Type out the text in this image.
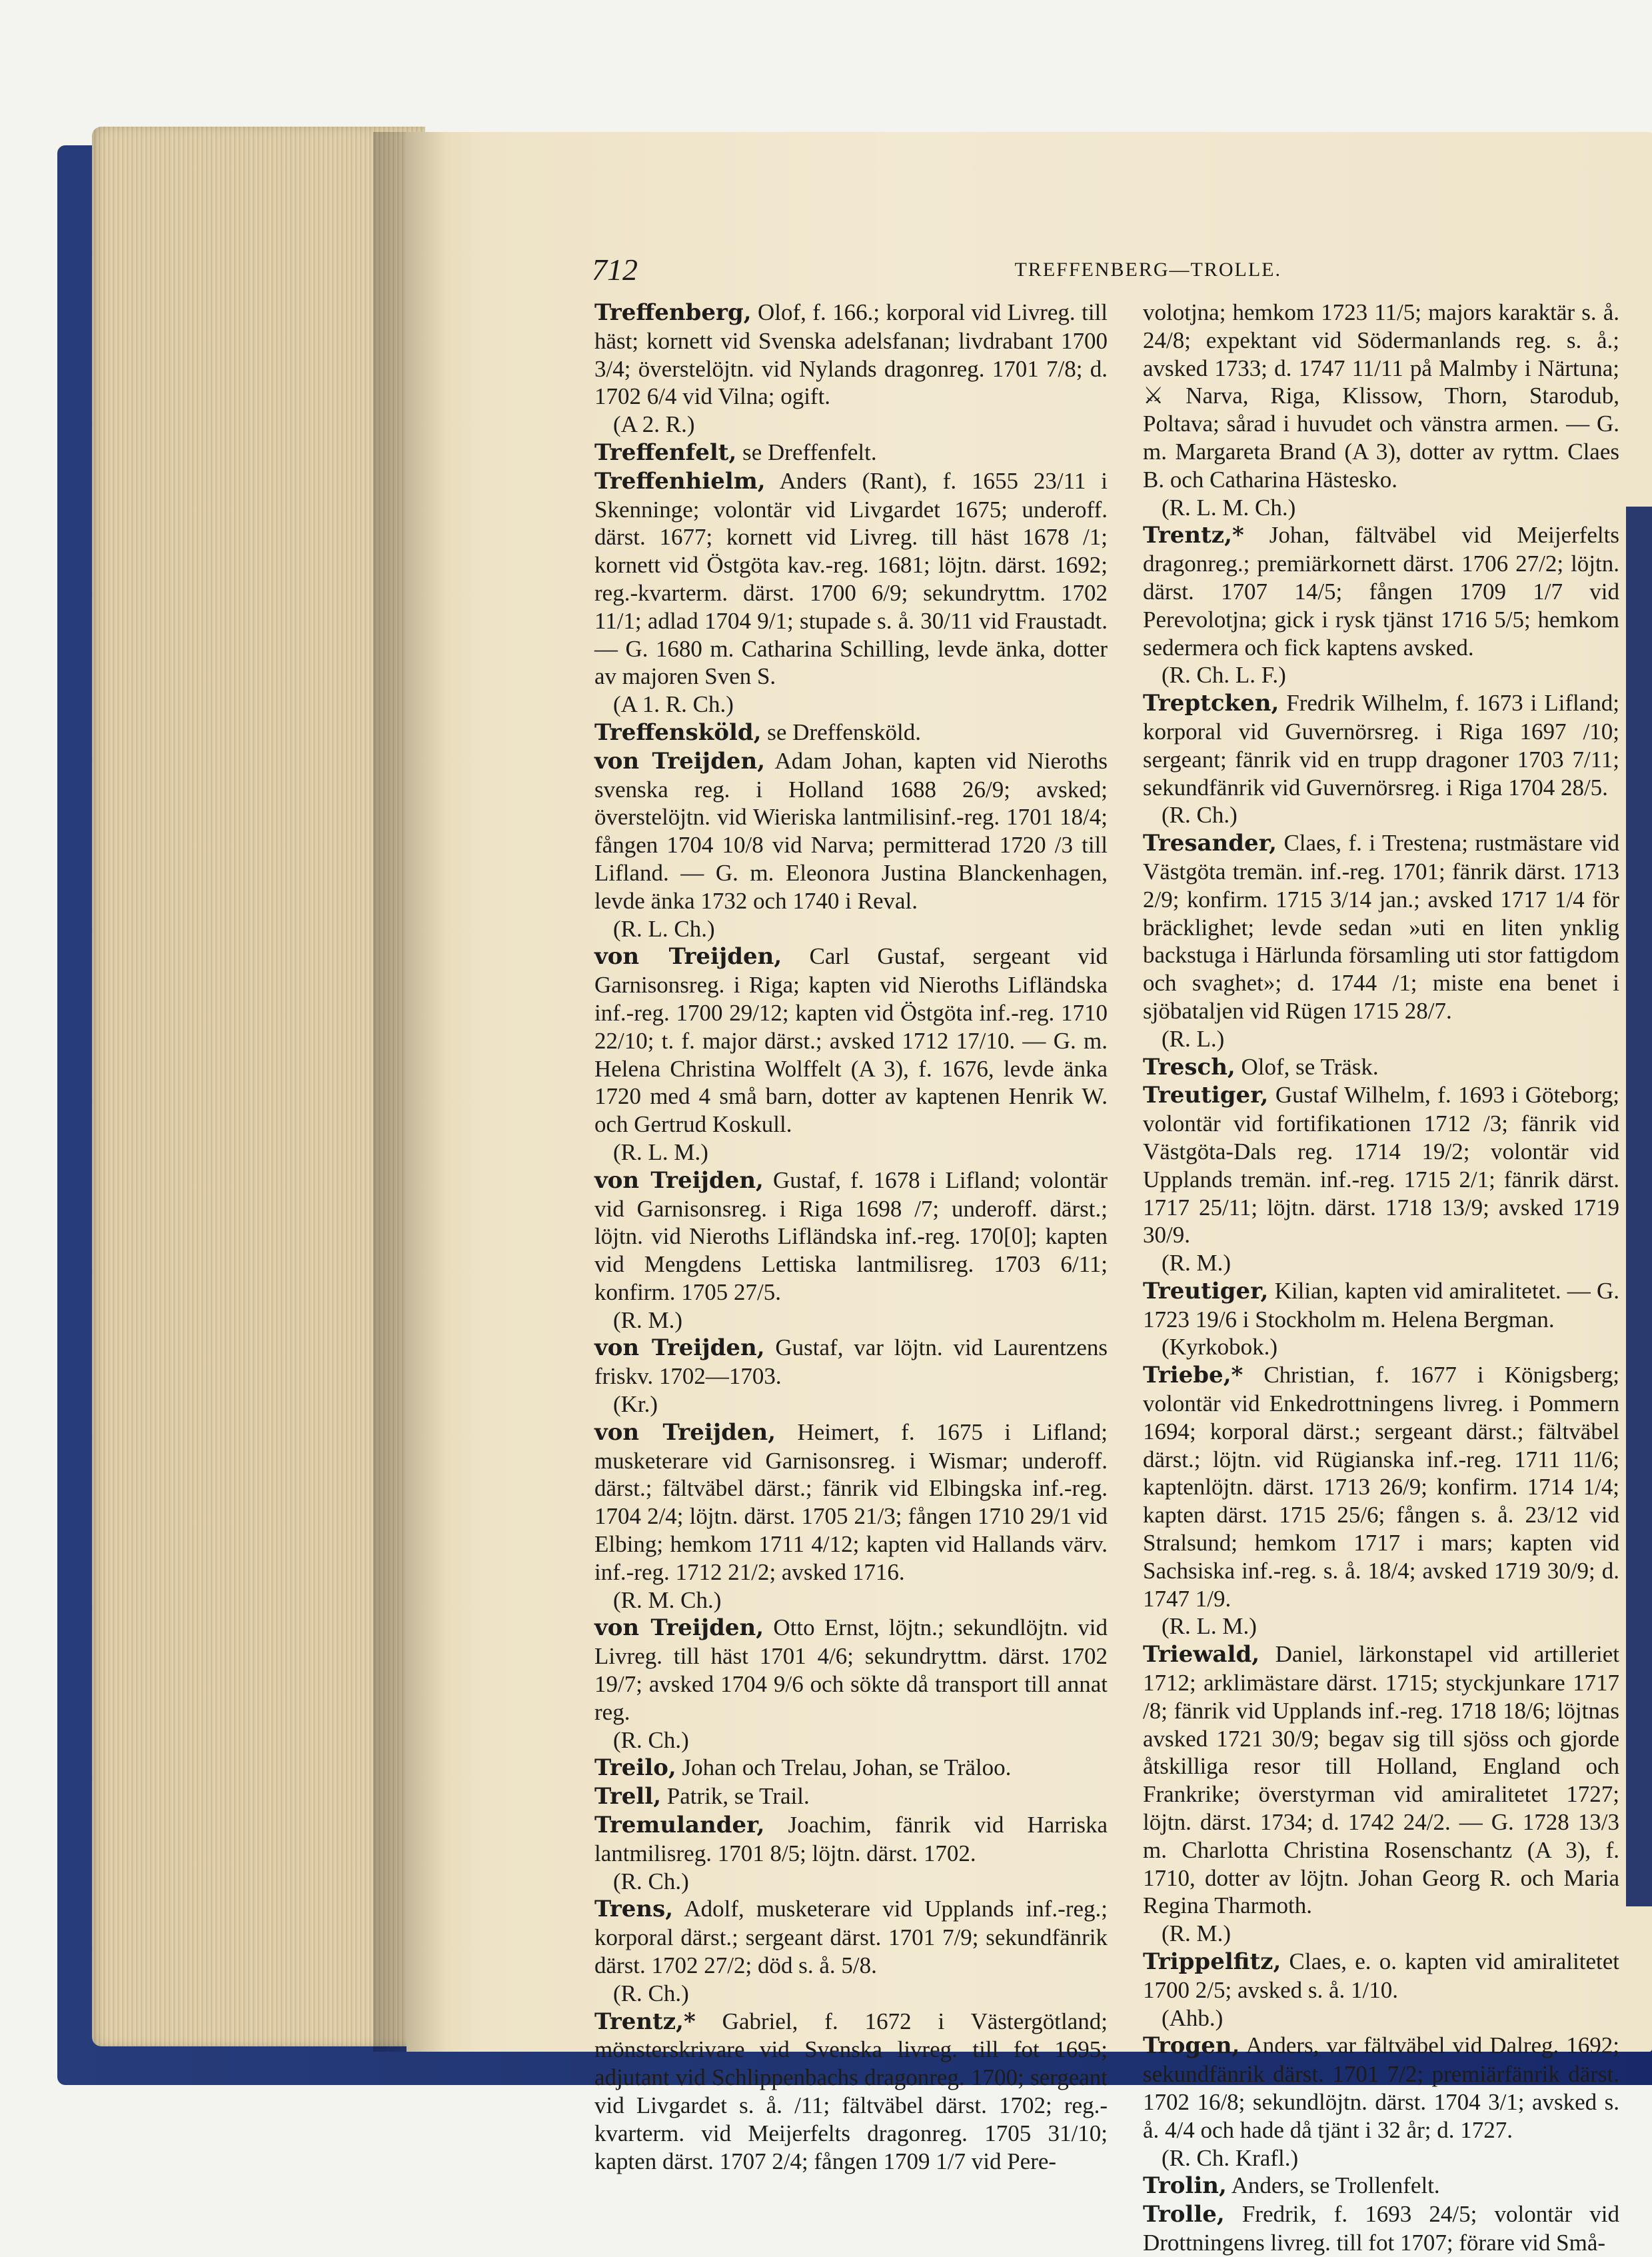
712	TREFFENBERG—TROLLE.

Treffenberg, Olof, f. 166.; korporal vid Livreg. till häst; kornett vid Svenska adelsfanan; livdrabant 1700 3/4; överstelöjtn. vid Nylands dragonreg. 1701 7/8; d. 1702 6/4 vid Vilna; ogift.

(A 2. R.)

Treffenfelt, se Dreffenfelt.

Treffenhielm, Anders (Rant), f. 1655 23/11 i Skenninge; volontär vid Livgardet 1675; underoff. därst. 1677; kornett vid Livreg. till häst 1678 /1; kornett vid Östgöta kav.-reg. 1681; löjtn. därst. 1692; reg.-kvarterm. därst. 1700 6/9; sekundryttm. 1702 11/1; adlad 1704 9/1; stupade s. å. 30/11 vid Fraustadt. — G. 1680 m. Catharina Schilling, levde änka, dotter av majoren Sven S.

(A 1. R. Ch.)

Treffensköld, se Dreffensköld.

von Treijden, Adam Johan, kapten vid Nieroths svenska reg. i Holland 1688 26/9; avsked; överstelöjtn. vid Wieriska lantmilisinf.-reg. 1701 18/4; fången 1704 10/8 vid Narva; permitterad 1720 /3 till Lifland. — G. m. Eleonora Justina Blanckenhagen, levde änka 1732 och 1740 i Reval.

(R. L. Ch.)

von Treijden, Carl Gustaf, sergeant vid Garnisonsreg. i Riga; kapten vid Nieroths Lifländska inf.-reg. 1700 29/12; kapten vid Östgöta inf.-reg. 1710 22/10; t. f. major därst.; avsked 1712 17/10. — G. m. Helena Christina Wolffelt (A 3), f. 1676, levde änka 1720 med 4 små barn, dotter av kaptenen Henrik W. och Gertrud Koskull.

(R. L. M.)

von Treijden, Gustaf, f. 1678 i Lifland; volontär vid Garnisonsreg. i Riga 1698 /7; underoff. därst.; löjtn. vid Nieroths Lifländska inf.-reg. 170[0]; kapten vid Mengdens Lettiska lantmilisreg. 1703 6/11; konfirm. 1705 27/5.

(R. M.)

von Treijden, Gustaf, var löjtn. vid Laurentzens friskv. 1702—1703.

(Kr.)

von Treijden, Heimert, f. 1675 i Lifland; musketerare vid Garnisonsreg. i Wismar; underoff. därst.; fältväbel därst.; fänrik vid Elbingska inf.-reg. 1704 2/4; löjtn. därst. 1705 21/3; fången 1710 29/1 vid Elbing; hemkom 1711 4/12; kapten vid Hallands värv. inf.-reg. 1712 21/2; avsked 1716.

(R. M. Ch.)

von Treijden, Otto Ernst, löjtn.; sekundlöjtn. vid Livreg. till häst 1701 4/6; sekundryttm. därst. 1702 19/7; avsked 1704 9/6 och sökte då transport till annat reg.

(R. Ch.)

Treilo, Johan och Trelau, Johan, se Träloo.

Trell, Patrik, se Trail.

Tremulander, Joachim, fänrik vid Harriska lantmilisreg. 1701 8/5; löjtn. därst. 1702.

(R. Ch.)

Trens, Adolf, musketerare vid Upplands inf.-reg.; korporal därst.; sergeant därst. 1701 7/9; sekundfänrik därst. 1702 27/2; död s. å. 5/8.

(R. Ch.)

Trentz,* Gabriel, f. 1672 i Västergötland; mönsterskrivare vid Svenska livreg. till fot 1695; adjutant vid Schlippenbachs dragonreg. 1700; sergeant vid Livgardet s. å. /11; fältväbel därst. 1702; reg.-kvarterm. vid Meijerfelts dragonreg. 1705 31/10; kapten därst. 1707 2/4; fången 1709 1/7 vid Pere-

volotjna; hemkom 1723 11/5; majors karaktär s. å. 24/8; expektant vid Södermanlands reg. s. å.; avsked 1733; d. 1747 11/11 på Malmby i Närtuna; ⚔ Narva, Riga, Klissow, Thorn, Starodub, Poltava; sårad i huvudet och vänstra armen. — G. m. Margareta Brand (A 3), dotter av ryttm. Claes B. och Catharina Hästesko.

(R. L. M. Ch.)

Trentz,* Johan, fältväbel vid Meijerfelts dragonreg.; premiärkornett därst. 1706 27/2; löjtn. därst. 1707 14/5; fången 1709 1/7 vid Perevolotjna; gick i rysk tjänst 1716 5/5; hemkom sedermera och fick kaptens avsked.

(R. Ch. L. F.)

Treptcken, Fredrik Wilhelm, f. 1673 i Lifland; korporal vid Guvernörsreg. i Riga 1697 /10; sergeant; fänrik vid en trupp dragoner 1703 7/11; sekundfänrik vid Guvernörsreg. i Riga 1704 28/5.

(R. Ch.)

Tresander, Claes, f. i Trestena; rustmästare vid Västgöta tremän. inf.-reg. 1701; fänrik därst. 1713 2/9; konfirm. 1715 3/14 jan.; avsked 1717 1/4 för bräcklighet; levde sedan »uti en liten ynklig backstuga i Härlunda församling uti stor fattigdom och svaghet»; d. 1744 /1; miste ena benet i sjöbataljen vid Rügen 1715 28/7.

(R. L.)

Tresch, Olof, se Träsk.

Treutiger, Gustaf Wilhelm, f. 1693 i Göteborg; volontär vid fortifikationen 1712 /3; fänrik vid Västgöta-Dals reg. 1714 19/2; volontär vid Upplands tremän. inf.-reg. 1715 2/1; fänrik därst. 1717 25/11; löjtn. därst. 1718 13/9; avsked 1719 30/9.

(R. M.)

Treutiger, Kilian, kapten vid amiralitetet. — G. 1723 19/6 i Stockholm m. Helena Bergman.

(Kyrkobok.)

Triebe,* Christian, f. 1677 i Königsberg; volontär vid Enkedrottningens livreg. i Pommern 1694; korporal därst.; sergeant därst.; fältväbel därst.; löjtn. vid Rügianska inf.-reg. 1711 11/6; kaptenlöjtn. därst. 1713 26/9; konfirm. 1714 1/4; kapten därst. 1715 25/6; fången s. å. 23/12 vid Stralsund; hemkom 1717 i mars; kapten vid Sachsiska inf.-reg. s. å. 18/4; avsked 1719 30/9; d. 1747 1/9.

(R. L. M.)

Triewald, Daniel, lärkonstapel vid artilleriet 1712; arklimästare därst. 1715; styckjunkare 1717 /8; fänrik vid Upplands inf.-reg. 1718 18/6; löjtnas avsked 1721 30/9; begav sig till sjöss och gjorde åtskilliga resor till Holland, England och Frankrike; överstyrman vid amiralitetet 1727; löjtn. därst. 1734; d. 1742 24/2. — G. 1728 13/3 m. Charlotta Christina Rosenschantz (A 3), f. 1710, dotter av löjtn. Johan Georg R. och Maria Regina Tharmoth.

(R. M.)

Trippelfitz, Claes, e. o. kapten vid amiralitetet 1700 2/5; avsked s. å. 1/10.

(Ahb.)

Trogen, Anders, var fältväbel vid Dalreg. 1692; sekundfänrik därst. 1701 7/2; premiärfänrik därst. 1702 16/8; sekundlöjtn. därst. 1704 3/1; avsked s. å. 4/4 och hade då tjänt i 32 år; d. 1727.

(R. Ch. Krafl.)

Trolin, Anders, se Trollenfelt.

Trolle, Fredrik, f. 1693 24/5; volontär vid Drottningens livreg. till fot 1707; förare vid Små-
